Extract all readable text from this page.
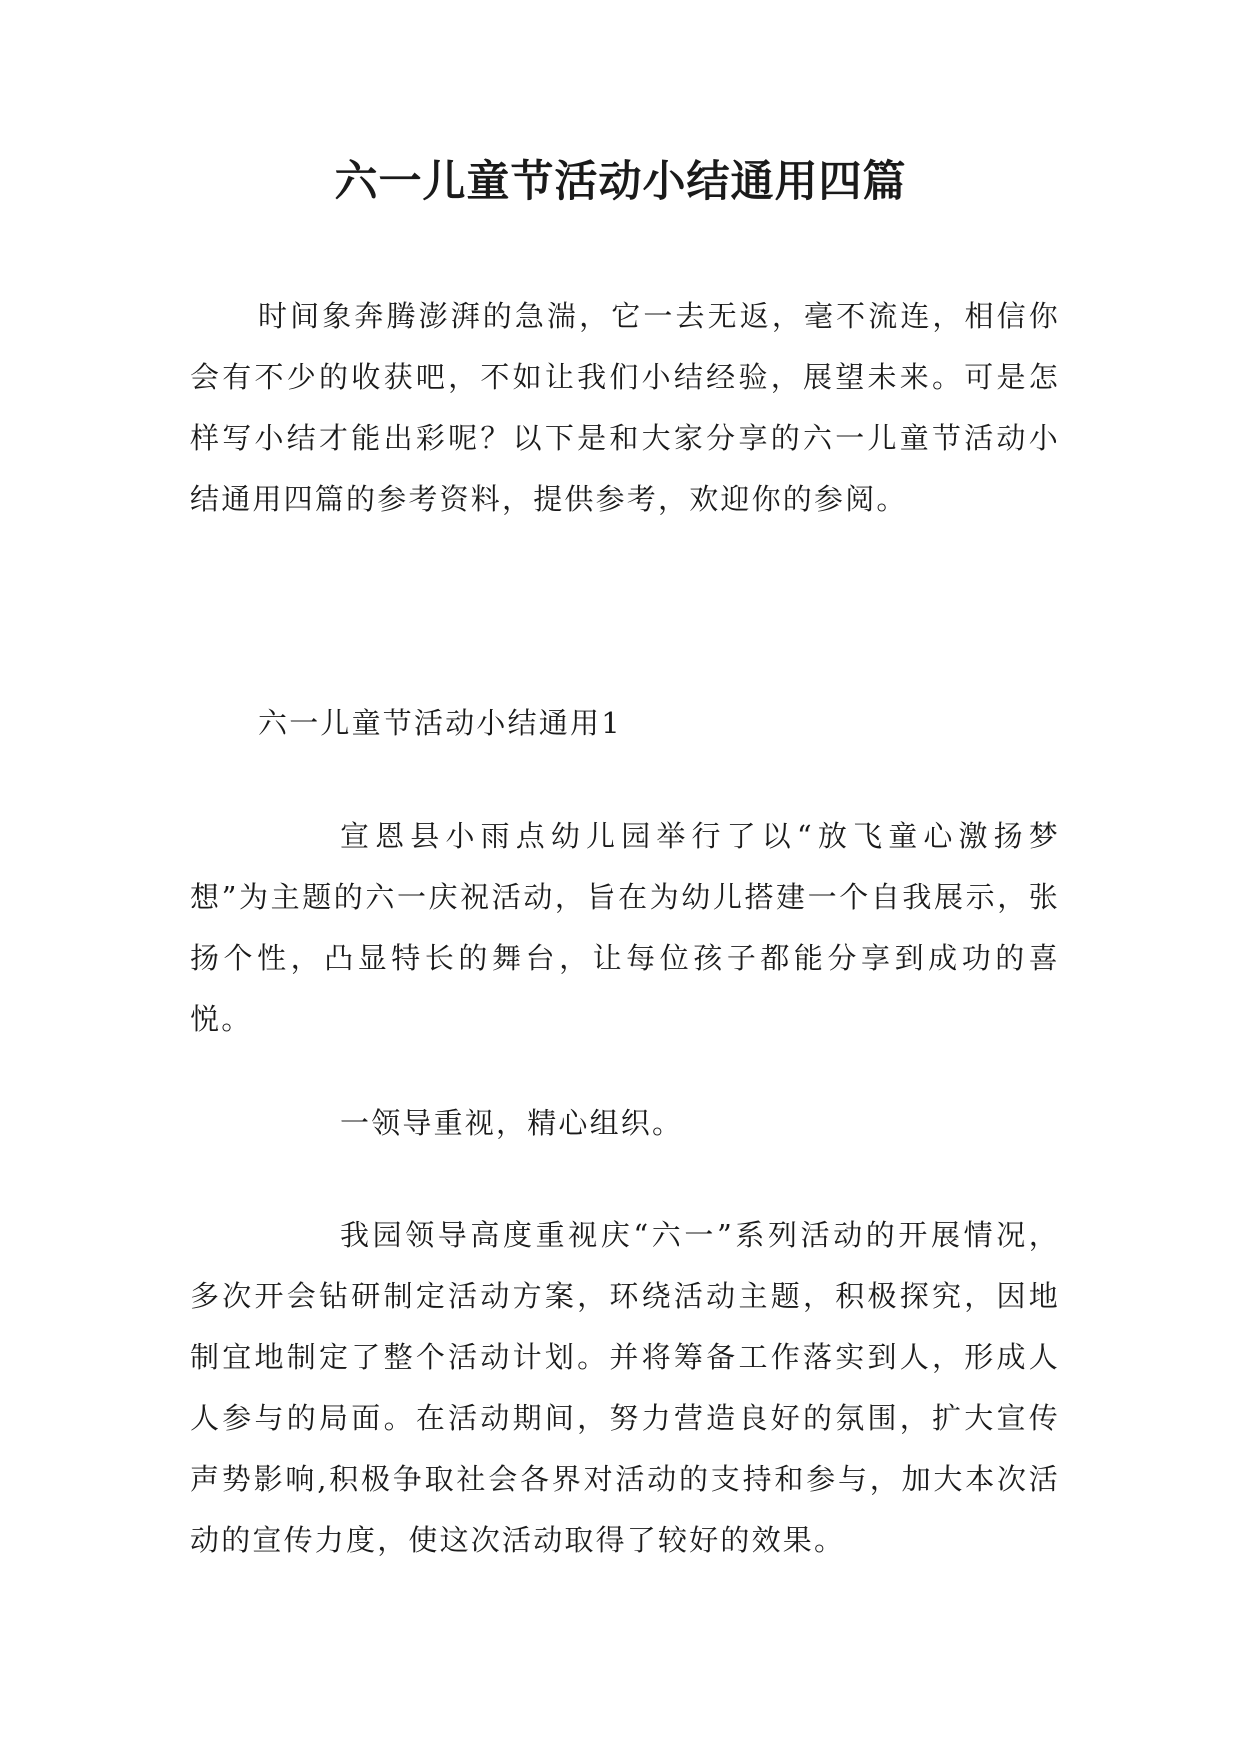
六一儿童节活动小结通用四篇

时间象奔腾澎湃的急湍，它一去无返，毫不流连，相信你会有不少的收获吧，不如让我们小结经验，展望未来。可是怎样写小结才能出彩呢？以下是和大家分享的六一儿童节活动小结通用四篇的参考资料，提供参考，欢迎你的参阅。

六一儿童节活动小结通用1

宣恩县小雨点幼儿园举行了以“放飞童心激扬梦想”为主题的六一庆祝活动，旨在为幼儿搭建一个自我展示，张扬个性，凸显特长的舞台，让每位孩子都能分享到成功的喜悦。

一领导重视，精心组织。

我园领导高度重视庆“六一”系列活动的开展情况，多次开会钻研制定活动方案，环绕活动主题，积极探究，因地制宜地制定了整个活动计划。并将筹备工作落实到人，形成人人参与的局面。在活动期间，努力营造良好的氛围，扩大宣传声势影响,积极争取社会各界对活动的支持和参与，加大本次活动的宣传力度，使这次活动取得了较好的效果。
